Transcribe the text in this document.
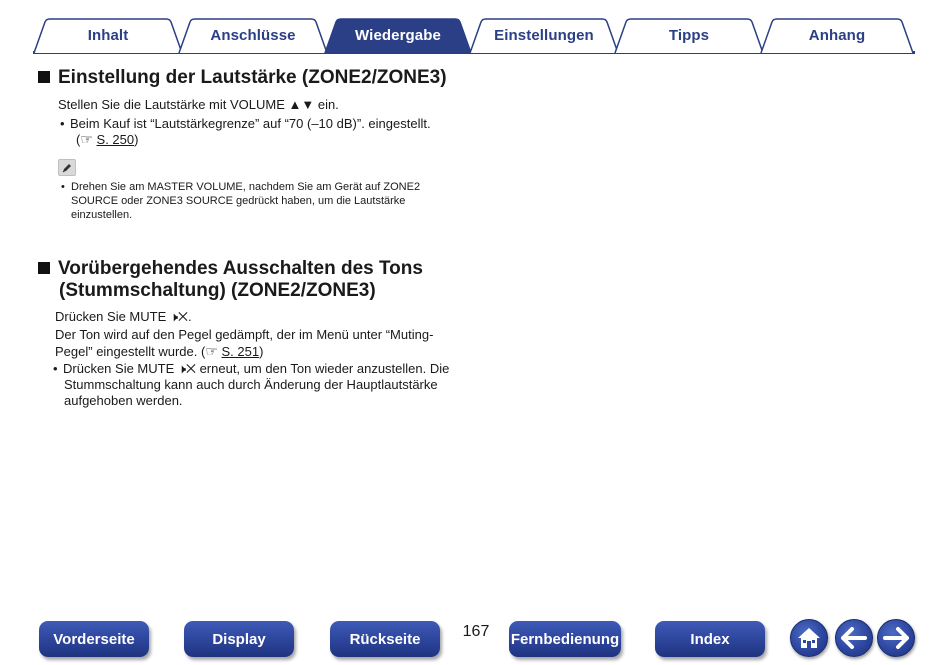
Inhalt	Anschlüsse	Wiedergabe	Einstellungen	Tipps	Anhang
Einstellung der Lautstärke (ZONE2/ZONE3)
Stellen Sie die Lautstärke mit VOLUME ▲▼ ein.
• Beim Kauf ist “Lautstärkegrenze” auf “70 (–10 dB)”. eingestellt.
(☞ S. 250)
• Drehen Sie am MASTER VOLUME, nachdem Sie am Gerät auf ZONE2
SOURCE oder ZONE3 SOURCE gedrückt haben, um die Lautstärke
einzustellen.
Vorübergehendes Ausschalten des Tons
(Stummschaltung) (ZONE2/ZONE3)
Drücken Sie MUTE 🕨✕.
Der Ton wird auf den Pegel gedämpft, der im Menü unter “Muting-
Pegel” eingestellt wurde. (☞ S. 251)
• Drücken Sie MUTE 🕨✕ erneut, um den Ton wieder anzustellen. Die
Stummschaltung kann auch durch Änderung der Hauptlautstärke
aufgehoben werden.
Vorderseite	Display	Rückseite	167	Fernbedienung	Index
